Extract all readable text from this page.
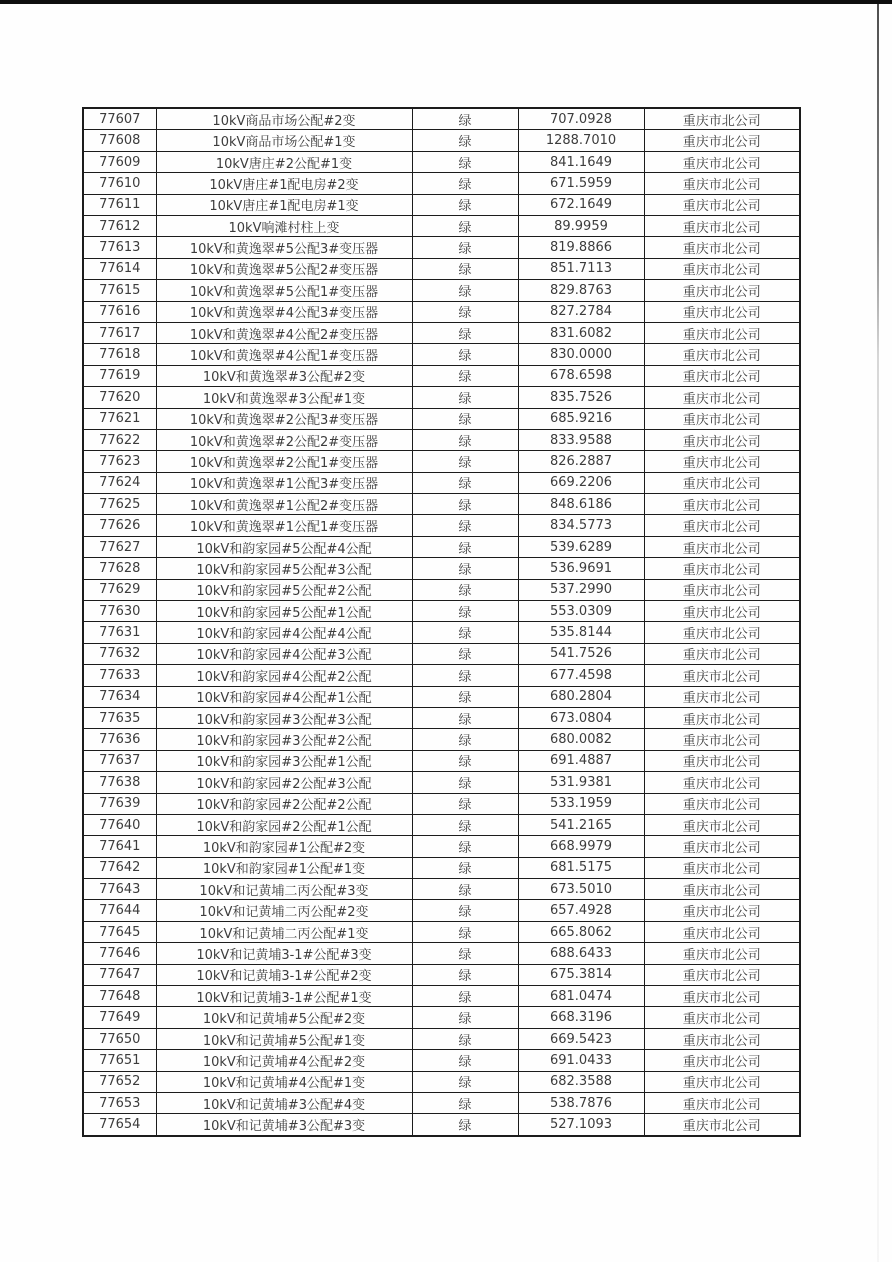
77607	10kV商品市场公配#2变	绿	707.0928	重庆市北公司
77608	10kV商品市场公配#1变	绿	1288.7010	重庆市北公司
77609	10kV唐庄#2公配#1变	绿	841.1649	重庆市北公司
77610	10kV唐庄#1配电房#2变	绿	671.5959	重庆市北公司
77611	10kV唐庄#1配电房#1变	绿	672.1649	重庆市北公司
77612	10kV响滩村柱上变	绿	89.9959	重庆市北公司
77613	10kV和黄逸翠#5公配3#变压器	绿	819.8866	重庆市北公司
77614	10kV和黄逸翠#5公配2#变压器	绿	851.7113	重庆市北公司
77615	10kV和黄逸翠#5公配1#变压器	绿	829.8763	重庆市北公司
77616	10kV和黄逸翠#4公配3#变压器	绿	827.2784	重庆市北公司
77617	10kV和黄逸翠#4公配2#变压器	绿	831.6082	重庆市北公司
77618	10kV和黄逸翠#4公配1#变压器	绿	830.0000	重庆市北公司
77619	10kV和黄逸翠#3公配#2变	绿	678.6598	重庆市北公司
77620	10kV和黄逸翠#3公配#1变	绿	835.7526	重庆市北公司
77621	10kV和黄逸翠#2公配3#变压器	绿	685.9216	重庆市北公司
77622	10kV和黄逸翠#2公配2#变压器	绿	833.9588	重庆市北公司
77623	10kV和黄逸翠#2公配1#变压器	绿	826.2887	重庆市北公司
77624	10kV和黄逸翠#1公配3#变压器	绿	669.2206	重庆市北公司
77625	10kV和黄逸翠#1公配2#变压器	绿	848.6186	重庆市北公司
77626	10kV和黄逸翠#1公配1#变压器	绿	834.5773	重庆市北公司
77627	10kV和韵家园#5公配#4公配	绿	539.6289	重庆市北公司
77628	10kV和韵家园#5公配#3公配	绿	536.9691	重庆市北公司
77629	10kV和韵家园#5公配#2公配	绿	537.2990	重庆市北公司
77630	10kV和韵家园#5公配#1公配	绿	553.0309	重庆市北公司
77631	10kV和韵家园#4公配#4公配	绿	535.8144	重庆市北公司
77632	10kV和韵家园#4公配#3公配	绿	541.7526	重庆市北公司
77633	10kV和韵家园#4公配#2公配	绿	677.4598	重庆市北公司
77634	10kV和韵家园#4公配#1公配	绿	680.2804	重庆市北公司
77635	10kV和韵家园#3公配#3公配	绿	673.0804	重庆市北公司
77636	10kV和韵家园#3公配#2公配	绿	680.0082	重庆市北公司
77637	10kV和韵家园#3公配#1公配	绿	691.4887	重庆市北公司
77638	10kV和韵家园#2公配#3公配	绿	531.9381	重庆市北公司
77639	10kV和韵家园#2公配#2公配	绿	533.1959	重庆市北公司
77640	10kV和韵家园#2公配#1公配	绿	541.2165	重庆市北公司
77641	10kV和韵家园#1公配#2变	绿	668.9979	重庆市北公司
77642	10kV和韵家园#1公配#1变	绿	681.5175	重庆市北公司
77643	10kV和记黄埔二丙公配#3变	绿	673.5010	重庆市北公司
77644	10kV和记黄埔二丙公配#2变	绿	657.4928	重庆市北公司
77645	10kV和记黄埔二丙公配#1变	绿	665.8062	重庆市北公司
77646	10kV和记黄埔3-1#公配#3变	绿	688.6433	重庆市北公司
77647	10kV和记黄埔3-1#公配#2变	绿	675.3814	重庆市北公司
77648	10kV和记黄埔3-1#公配#1变	绿	681.0474	重庆市北公司
77649	10kV和记黄埔#5公配#2变	绿	668.3196	重庆市北公司
77650	10kV和记黄埔#5公配#1变	绿	669.5423	重庆市北公司
77651	10kV和记黄埔#4公配#2变	绿	691.0433	重庆市北公司
77652	10kV和记黄埔#4公配#1变	绿	682.3588	重庆市北公司
77653	10kV和记黄埔#3公配#4变	绿	538.7876	重庆市北公司
77654	10kV和记黄埔#3公配#3变	绿	527.1093	重庆市北公司
